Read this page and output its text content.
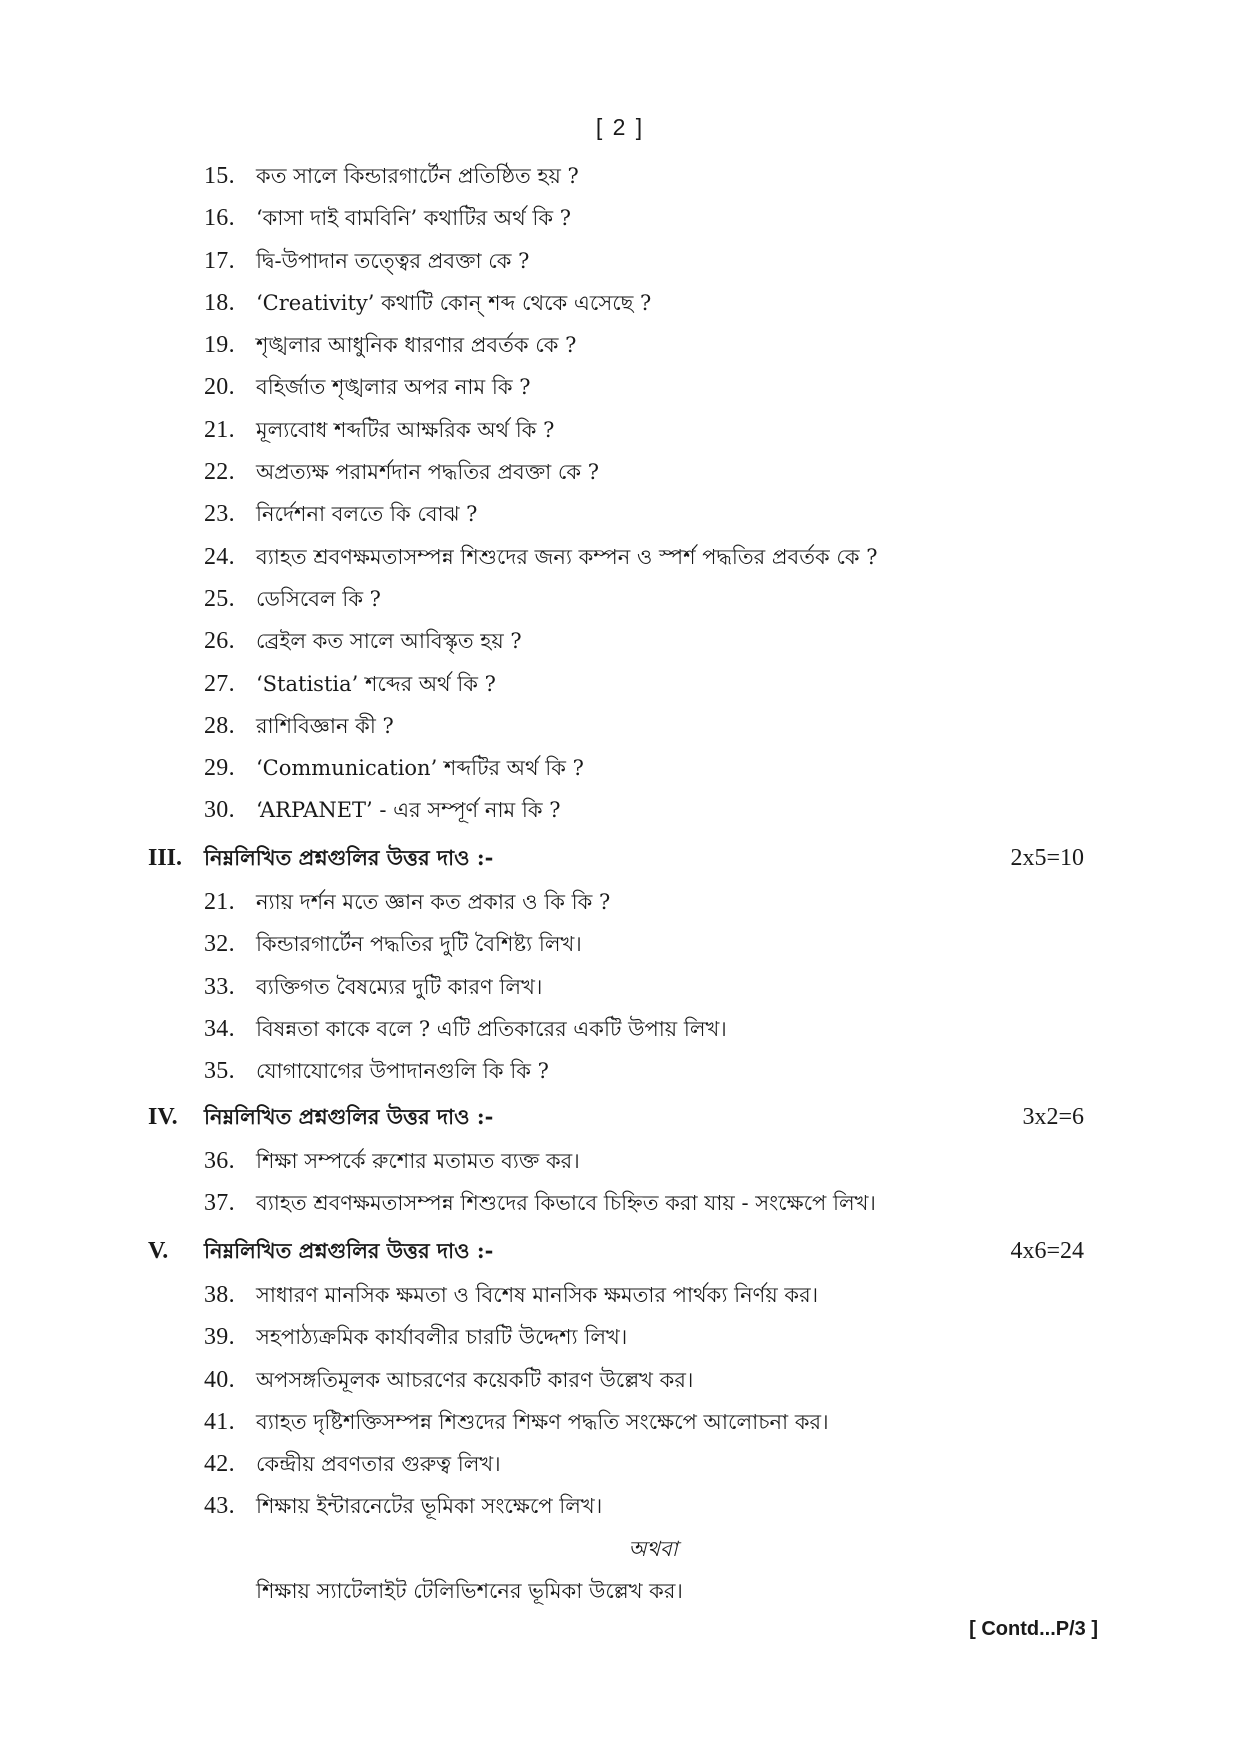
[ 2 ]
15. কত সালে কিন্ডারগার্টেন প্রতিষ্ঠিত হয় ?
16. ‘কাসা দাই বামবিনি’ কথাটির অর্থ কি ?
17. দ্বি-উপাদান তত্ত্বের প্রবক্তা কে ?
18. ‘Creativity’ কথাটি কোন্ শব্দ থেকে এসেছে ?
19. শৃঙ্খলার আধুনিক ধারণার প্রবর্তক কে ?
20. বহির্জাত শৃঙ্খলার অপর নাম কি ?
21. মূল্যবোধ শব্দটির আক্ষরিক অর্থ কি ?
22. অপ্রত্যক্ষ পরামর্শদান পদ্ধতির প্রবক্তা কে ?
23. নির্দেশনা বলতে কি বোঝ ?
24. ব্যাহত শ্রবণক্ষমতাসম্পন্ন শিশুদের জন্য কম্পন ও স্পর্শ পদ্ধতির প্রবর্তক কে ?
25. ডেসিবেল কি ?
26. ব্রেইল কত সালে আবিস্কৃত হয় ?
27. ‘Statistia’ শব্দের অর্থ কি ?
28. রাশিবিজ্ঞান কী ?
29. ‘Communication’ শব্দটির অর্থ কি ?
30. ‘ARPANET’ - এর সম্পূর্ণ নাম কি ?
III. নিম্নলিখিত প্রশ্নগুলির উত্তর দাও :-	2x5=10
21. ন্যায় দর্শন মতে জ্ঞান কত প্রকার ও কি কি ?
32. কিন্ডারগার্টেন পদ্ধতির দুটি বৈশিষ্ট্য লিখ।
33. ব্যক্তিগত বৈষম্যের দুটি কারণ লিখ।
34. বিষন্নতা কাকে বলে ? এটি প্রতিকারের একটি উপায় লিখ।
35. যোগাযোগের উপাদানগুলি কি কি ?
IV. নিম্নলিখিত প্রশ্নগুলির উত্তর দাও :-	3x2=6
36. শিক্ষা সম্পর্কে রুশোর মতামত ব্যক্ত কর।
37. ব্যাহত শ্রবণক্ষমতাসম্পন্ন শিশুদের কিভাবে চিহ্নিত করা যায় - সংক্ষেপে লিখ।
V. নিম্নলিখিত প্রশ্নগুলির উত্তর দাও :-	4x6=24
38. সাধারণ মানসিক ক্ষমতা ও বিশেষ মানসিক ক্ষমতার পার্থক্য নির্ণয় কর।
39. সহপাঠ্যক্রমিক কার্যাবলীর চারটি উদ্দেশ্য লিখ।
40. অপসঙ্গতিমূলক আচরণের কয়েকটি কারণ উল্লেখ কর।
41. ব্যাহত দৃষ্টিশক্তিসম্পন্ন শিশুদের শিক্ষণ পদ্ধতি সংক্ষেপে আলোচনা কর।
42. কেন্দ্রীয় প্রবণতার গুরুত্ব লিখ।
43. শিক্ষায় ইন্টারনেটের ভূমিকা সংক্ষেপে লিখ।
অথবা
শিক্ষায় স্যাটেলাইট টেলিভিশনের ভূমিকা উল্লেখ কর।
[ Contd...P/3 ]
